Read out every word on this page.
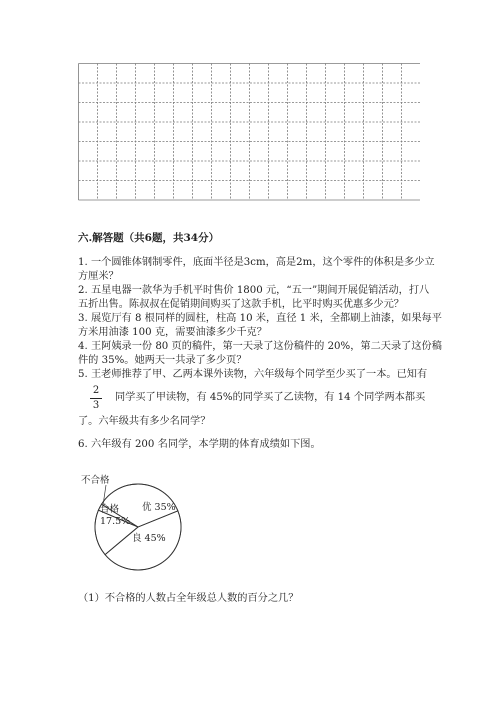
六.解答题（共6题，共34分）
1. 一个圆锥体钢制零件，底面半径是3cm，高是2m，这个零件的体积是多少立
方厘米？
2. 五星电器一款华为手机平时售价 1800 元，“五一”期间开展促销活动，打八
五折出售。陈叔叔在促销期间购买了这款手机，比平时购买优惠多少元？
3. 展览厅有 8 根同样的圆柱，柱高 10 米，直径 1 米，全都刷上油漆，如果每平
方米用油漆 100 克，需要油漆多少千克？
4. 王阿姨录一份 80 页的稿件，第一天录了这份稿件的 20%，第二天录了这份稿
件的 35%。她两天一共录了多少页？
5. 王老师推荐了甲、乙两本课外读物，六年级每个同学至少买了一本。已知有
2
3
同学买了甲读物，有 45%的同学买了乙读物，有 14 个同学两本都买
了。六年级共有多少名同学？
6. 六年级有 200 名同学，本学期的体育成绩如下图。
优 35%
良 45%
合格
17.5%
不合格
（1）不合格的人数占全年级总人数的百分之几？
